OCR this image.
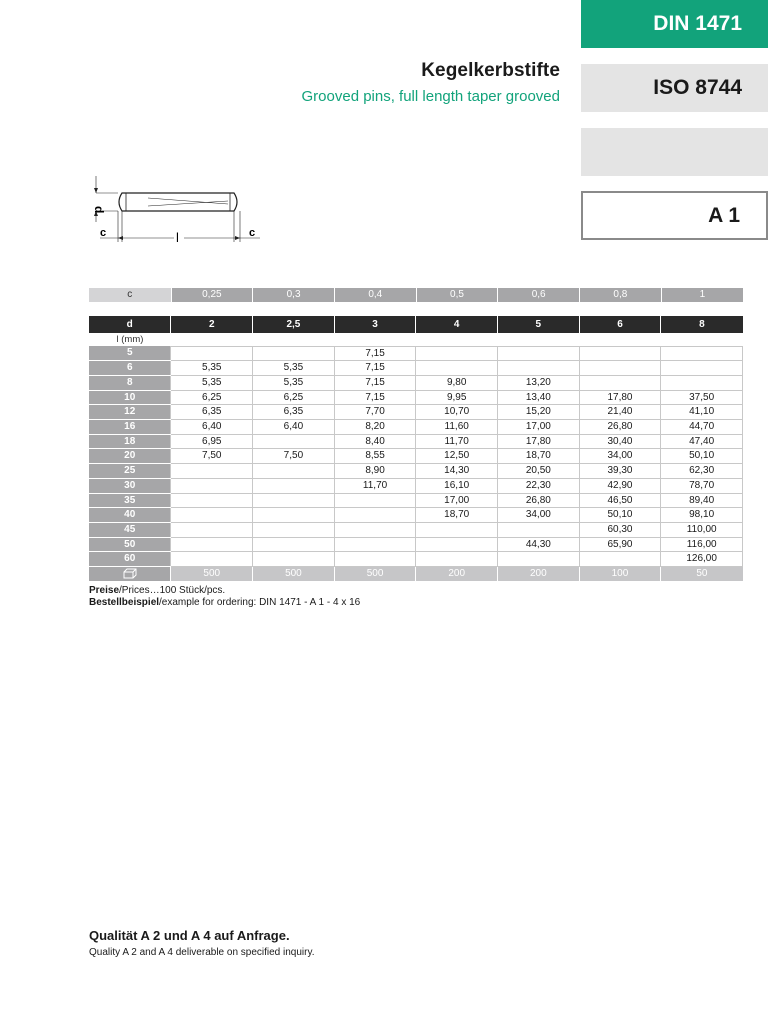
DIN 1471
ISO 8744
A 1
Kegelkerbstifte
Grooved pins, full length taper grooved
d
l
c	c
c	0,25	0,3	0,4	0,5	0,6	0,8	1
d	2	2,5	3	4	5	6	8
l (mm)							
5			7,15				
6	5,35	5,35	7,15				
8	5,35	5,35	7,15	9,80	13,20		
10	6,25	6,25	7,15	9,95	13,40	17,80	37,50
12	6,35	6,35	7,70	10,70	15,20	21,40	41,10
16	6,40	6,40	8,20	11,60	17,00	26,80	44,70
18	6,95		8,40	11,70	17,80	30,40	47,40
20	7,50	7,50	8,55	12,50	18,70	34,00	50,10
25			8,90	14,30	20,50	39,30	62,30
30			11,70	16,10	22,30	42,90	78,70
35				17,00	26,80	46,50	89,40
40				18,70	34,00	50,10	98,10
45						60,30	110,00
50					44,30	65,90	116,00
60							126,00
	500	500	500	200	200	100	50
Preise/Prices…100 Stück/pcs.
Bestellbeispiel/example for ordering: DIN 1471 - A 1 - 4 x 16
Qualität A 2 und A 4 auf Anfrage.
Quality A 2 and A 4 deliverable on specified inquiry.
